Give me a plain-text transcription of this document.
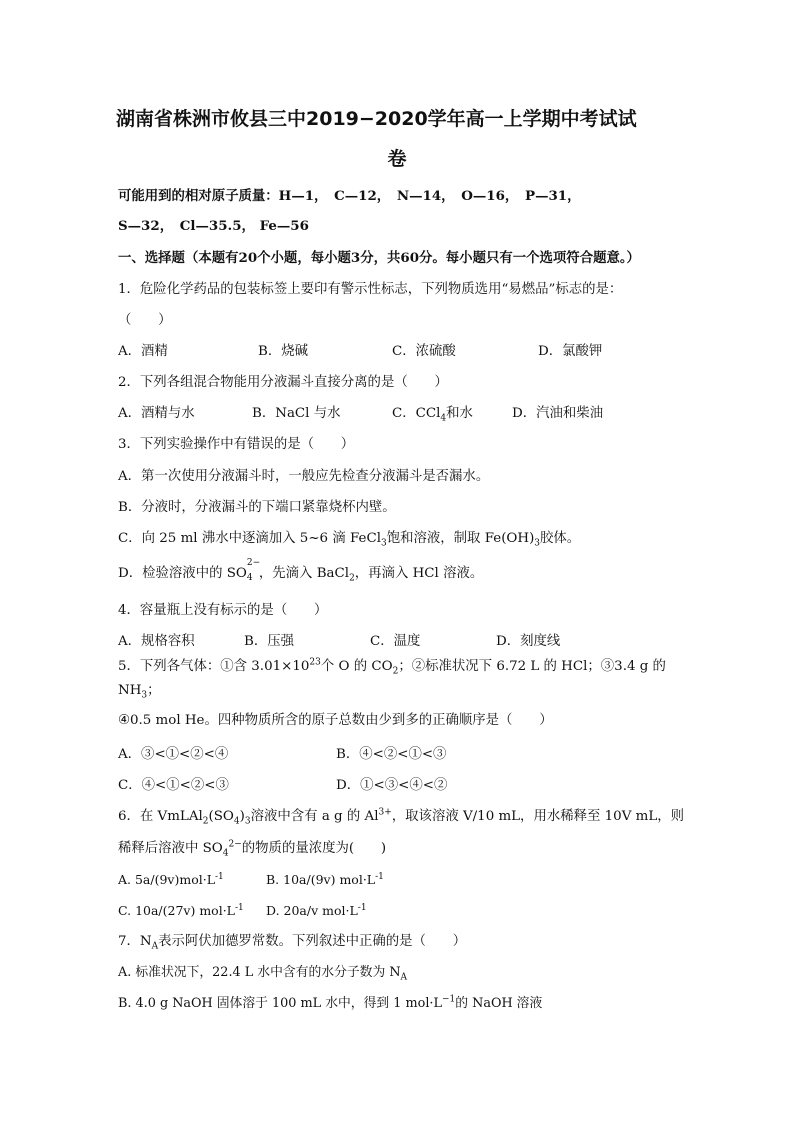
湖南省株洲市攸县三中2019−2020学年高一上学期中考试试
卷
可能用到的相对原子质量：H—1，　C—12，　N—14，　O—16，　P—31，
S—32，　Cl—35.5， Fe—56
一、选择题（本题有20个小题，每小题3分，共60分。每小题只有一个选项符合题意。）
1．危险化学药品的包装标签上要印有警示性标志，下列物质选用“易燃品”标志的是：
（　　）
A．酒精	B．烧碱	C．浓硫酸	D．氯酸钾
2．下列各组混合物能用分液漏斗直接分离的是（　　）
A．酒精与水	B．NaCl 与水	C．CCl$_4$和水	D．汽油和柴油
3．下列实验操作中有错误的是（　　）
A．第一次使用分液漏斗时，一般应先检查分液漏斗是否漏水。
B．分液时，分液漏斗的下端口紧靠烧杯内壁。
C．向 25 ml 沸水中逐滴加入 5~6 滴 FeCl$_3$饱和溶液，制取 $Fe(OH)_3$胶体。
D．检验溶液中的 SO
2−
4 ，先滴入 BaCl$_2$，再滴入 HCl 溶液。
4．容量瓶上没有标示的是（　　）
A．规格容积	B．压强	C．温度	D．刻度线
5．下列各气体：①含 $3.01\times 10^{23}$个 O 的 $CO_2$；②标准状况下 6.72 L 的 HCl；③3.4 g 的
$NH_3$；
④0.5 mol He。四种物质所含的原子总数由少到多的正确顺序是（　　）
A．③<①<②<④	B．④<②<①<③
C．④<①<②<③	D．①<③<④<②
6．在 $VmLAl_2(SO_4)_3$溶液中含有 a g 的 $Al^{3+}$，取该溶液 V/10 mL，用水稀释至 10V mL，则
稀释后溶液中 $SO_4^{2-}$的物质的量浓度为(　　)
A. $5a/(9v)mol\cdot L^{-1}$	B. 10a/(9v) $mol\cdot L^{-1}$
C. 10a/(27v) $mol\cdot L^{-1}$ D. 20a/v $mol\cdot L^{-1}$
7．$N_A$表示阿伏加德罗常数。下列叙述中正确的是（　　）
A. 标准状况下，22.4 L 水中含有的水分子数为 $N_A$
B. 4.0 g NaOH 固体溶于 100 mL 水中，得到 1 $mol\cdot L^{-1}$的 NaOH 溶液
